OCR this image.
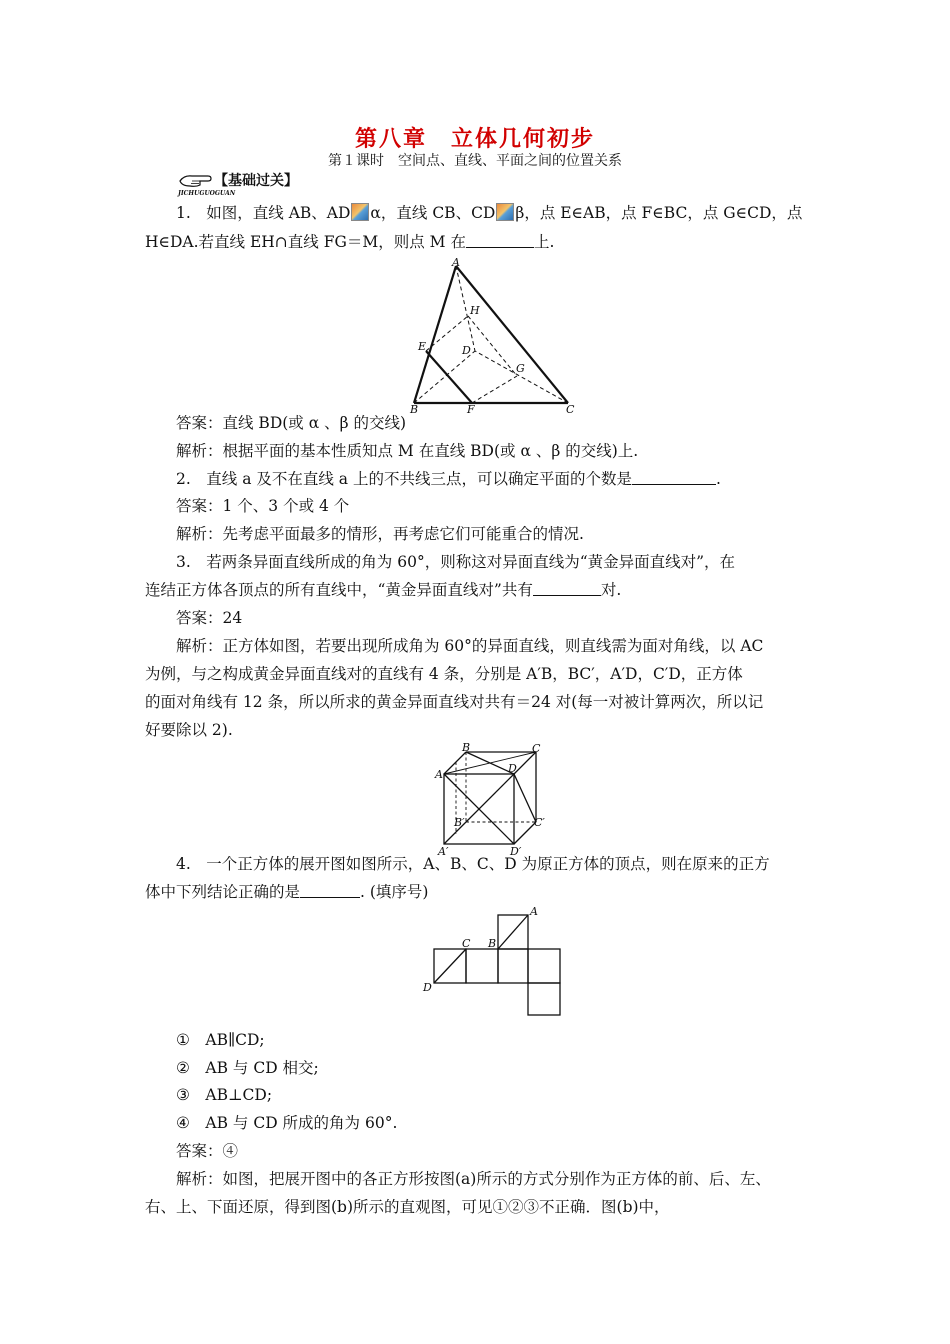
第八章　立体几何初步
第１课时　空间点、直线、平面之间的位置关系
【基础过关】
JICHUGUOGUAN
1.　如图，直线 AB、AD α，直线 CB、CD β，点 E∈AB，点 F∈BC，点 G∈CD，点
H∈DA.若直线 EH∩直线 FG＝M，则点 M 在	上.
A
H
E	D
G
B	F	C
答案：直线 BD(或 α 、β 的交线)
解析：根据平面的基本性质知点 M 在直线 BD(或 α 、β 的交线)上.
2.　直线 a 及不在直线 a 上的不共线三点，可以确定平面的个数是	.
答案：1 个、3 个或 4 个
解析：先考虑平面最多的情形，再考虑它们可能重合的情况.
3.　若两条异面直线所成的角为 60°，则称这对异面直线为“黄金异面直线对”，在
连结正方体各顶点的所有直线中，“黄金异面直线对”共有	对.
答案：24
解析：正方体如图，若要出现所成角为 60°的异面直线，则直线需为面对角线，以 AC
为例，与之构成黄金异面直线对的直线有 4 条，分别是 A′B，BC′，A′D，C′D，正方体
的面对角线有 12 条，所以所求的黄金异面直线对共有＝24 对(每一对被计算两次，所以记
好要除以 2).
B	C
A	D
B′	C′
A′	D′
4.　一个正方体的展开图如图所示，A、B、C、D 为原正方体的顶点，则在原来的正方
体中下列结论正确的是	. (填序号)
A
C B
D
①　AB∥CD;
②　AB 与 CD 相交;
③　AB⊥CD;
④　AB 与 CD 所成的角为 60°.
答案：④
解析：如图，把展开图中的各正方形按图(a)所示的方式分别作为正方体的前、后、左、
右、上、下面还原，得到图(b)所示的直观图，可见①②③不正确．图(b)中，
